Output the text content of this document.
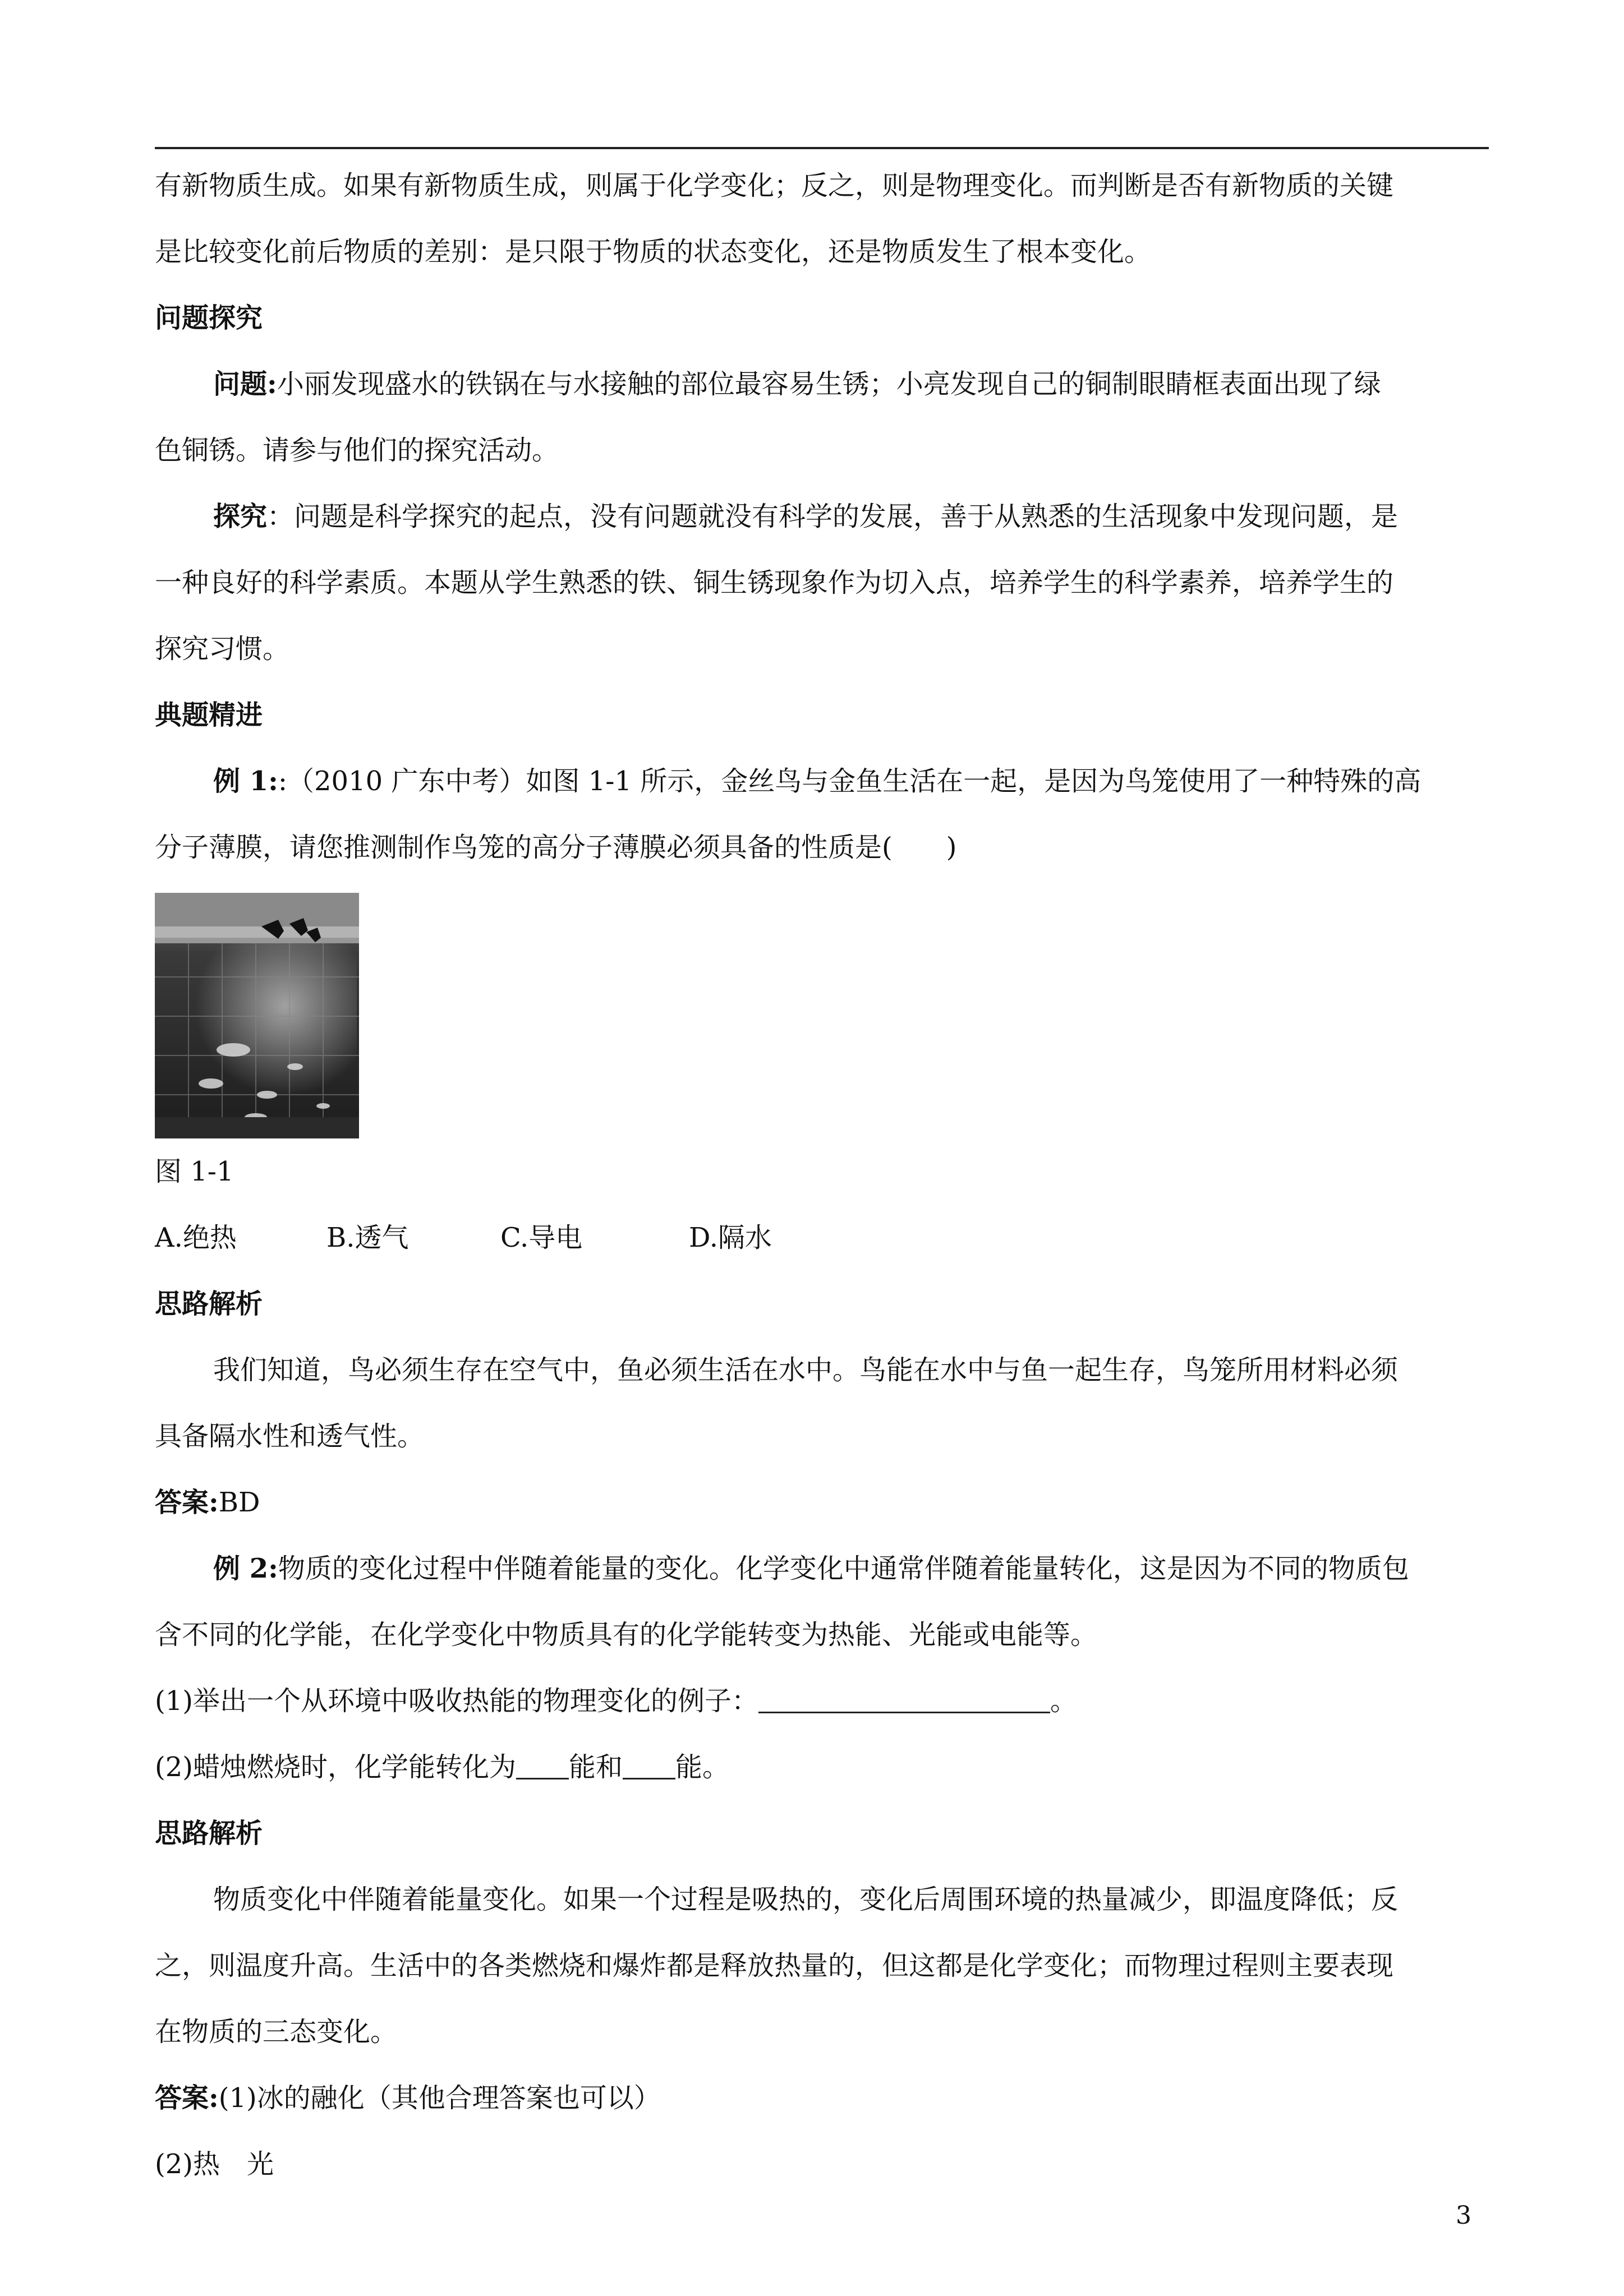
有新物质生成。如果有新物质生成，则属于化学变化；反之，则是物理变化。而判断是否有新物质的关键

是比较变化前后物质的差别：是只限于物质的状态变化，还是物质发生了根本变化。

问题探究

问题:小丽发现盛水的铁锅在与水接触的部位最容易生锈；小亮发现自己的铜制眼睛框表面出现了绿

色铜锈。请参与他们的探究活动。

探究：问题是科学探究的起点，没有问题就没有科学的发展，善于从熟悉的生活现象中发现问题，是

一种良好的科学素质。本题从学生熟悉的铁、铜生锈现象作为切入点，培养学生的科学素养，培养学生的

探究习惯。

典题精进

例 1::（2010 广东中考）如图 1-1 所示，金丝鸟与金鱼生活在一起，是因为鸟笼使用了一种特殊的高

分子薄膜，请您推测制作鸟笼的高分子薄膜必须具备的性质是(　　)

图 1-1

A.绝热	B.透气	C.导电	D.隔水

思路解析

我们知道，鸟必须生存在空气中，鱼必须生活在水中。鸟能在水中与鱼一起生存，鸟笼所用材料必须

具备隔水性和透气性。

答案:BD

例 2:物质的变化过程中伴随着能量的变化。化学变化中通常伴随着能量转化，这是因为不同的物质包

含不同的化学能，在化学变化中物质具有的化学能转变为热能、光能或电能等。

(1)举出一个从环境中吸收热能的物理变化的例子：	。

(2)蜡烛燃烧时，化学能转化为 能和 能。

思路解析

物质变化中伴随着能量变化。如果一个过程是吸热的，变化后周围环境的热量减少，即温度降低；反

之，则温度升高。生活中的各类燃烧和爆炸都是释放热量的，但这都是化学变化；而物理过程则主要表现

在物质的三态变化。

答案:(1)冰的融化（其他合理答案也可以）

(2)热　光

3
